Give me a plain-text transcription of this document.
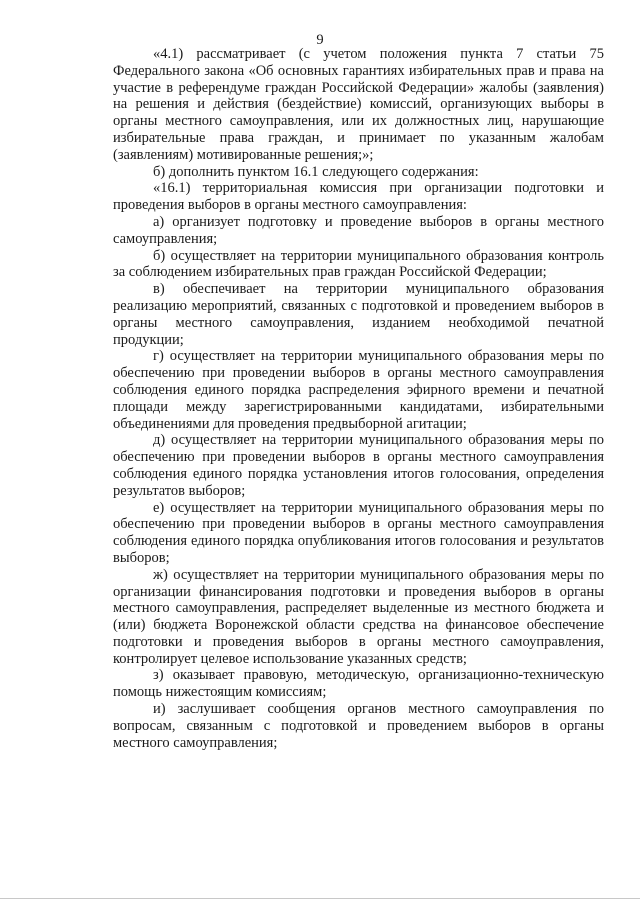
9

«4.1) рассматривает (с учетом положения пункта 7 статьи 75 Федерального закона «Об основных гарантиях избирательных прав и права на участие в референдуме граждан Российской Федерации» жалобы (заявления) на решения и действия (бездействие) комиссий, организующих выборы в органы местного самоуправления, или их должностных лиц, нарушающие избирательные права граждан, и принимает по указанным жалобам (заявлениям) мотивированные решения;»;

б) дополнить пунктом 16.1 следующего содержания:

«16.1) территориальная комиссия при организации подготовки и проведения выборов в органы местного самоуправления:

а) организует подготовку и проведение выборов в органы местного самоуправления;

б) осуществляет на территории муниципального образования контроль за соблюдением избирательных прав граждан Российской Федерации;

в) обеспечивает на территории муниципального образования реализацию мероприятий, связанных с подготовкой и проведением выборов в органы местного самоуправления, изданием необходимой печатной продукции;

г) осуществляет на территории муниципального образования меры по обеспечению при проведении выборов в органы местного самоуправления соблюдения единого порядка распределения эфирного времени и печатной площади между зарегистрированными кандидатами, избирательными объединениями для проведения предвыборной агитации;

д) осуществляет на территории муниципального образования меры по обеспечению при проведении выборов в органы местного самоуправления соблюдения единого порядка установления итогов голосования, определения результатов выборов;

е) осуществляет на территории муниципального образования меры по обеспечению при проведении выборов в органы местного самоуправления соблюдения единого порядка опубликования итогов голосования и результатов выборов;

ж) осуществляет на территории муниципального образования меры по организации финансирования подготовки и проведения выборов в органы местного самоуправления, распределяет выделенные из местного бюджета и (или) бюджета Воронежской области средства на финансовое обеспечение подготовки и проведения выборов в органы местного самоуправления, контролирует целевое использование указанных средств;

з) оказывает правовую, методическую, организационно-техническую помощь нижестоящим комиссиям;

и) заслушивает сообщения органов местного самоуправления по вопросам, связанным с подготовкой и проведением выборов в органы местного самоуправления;
